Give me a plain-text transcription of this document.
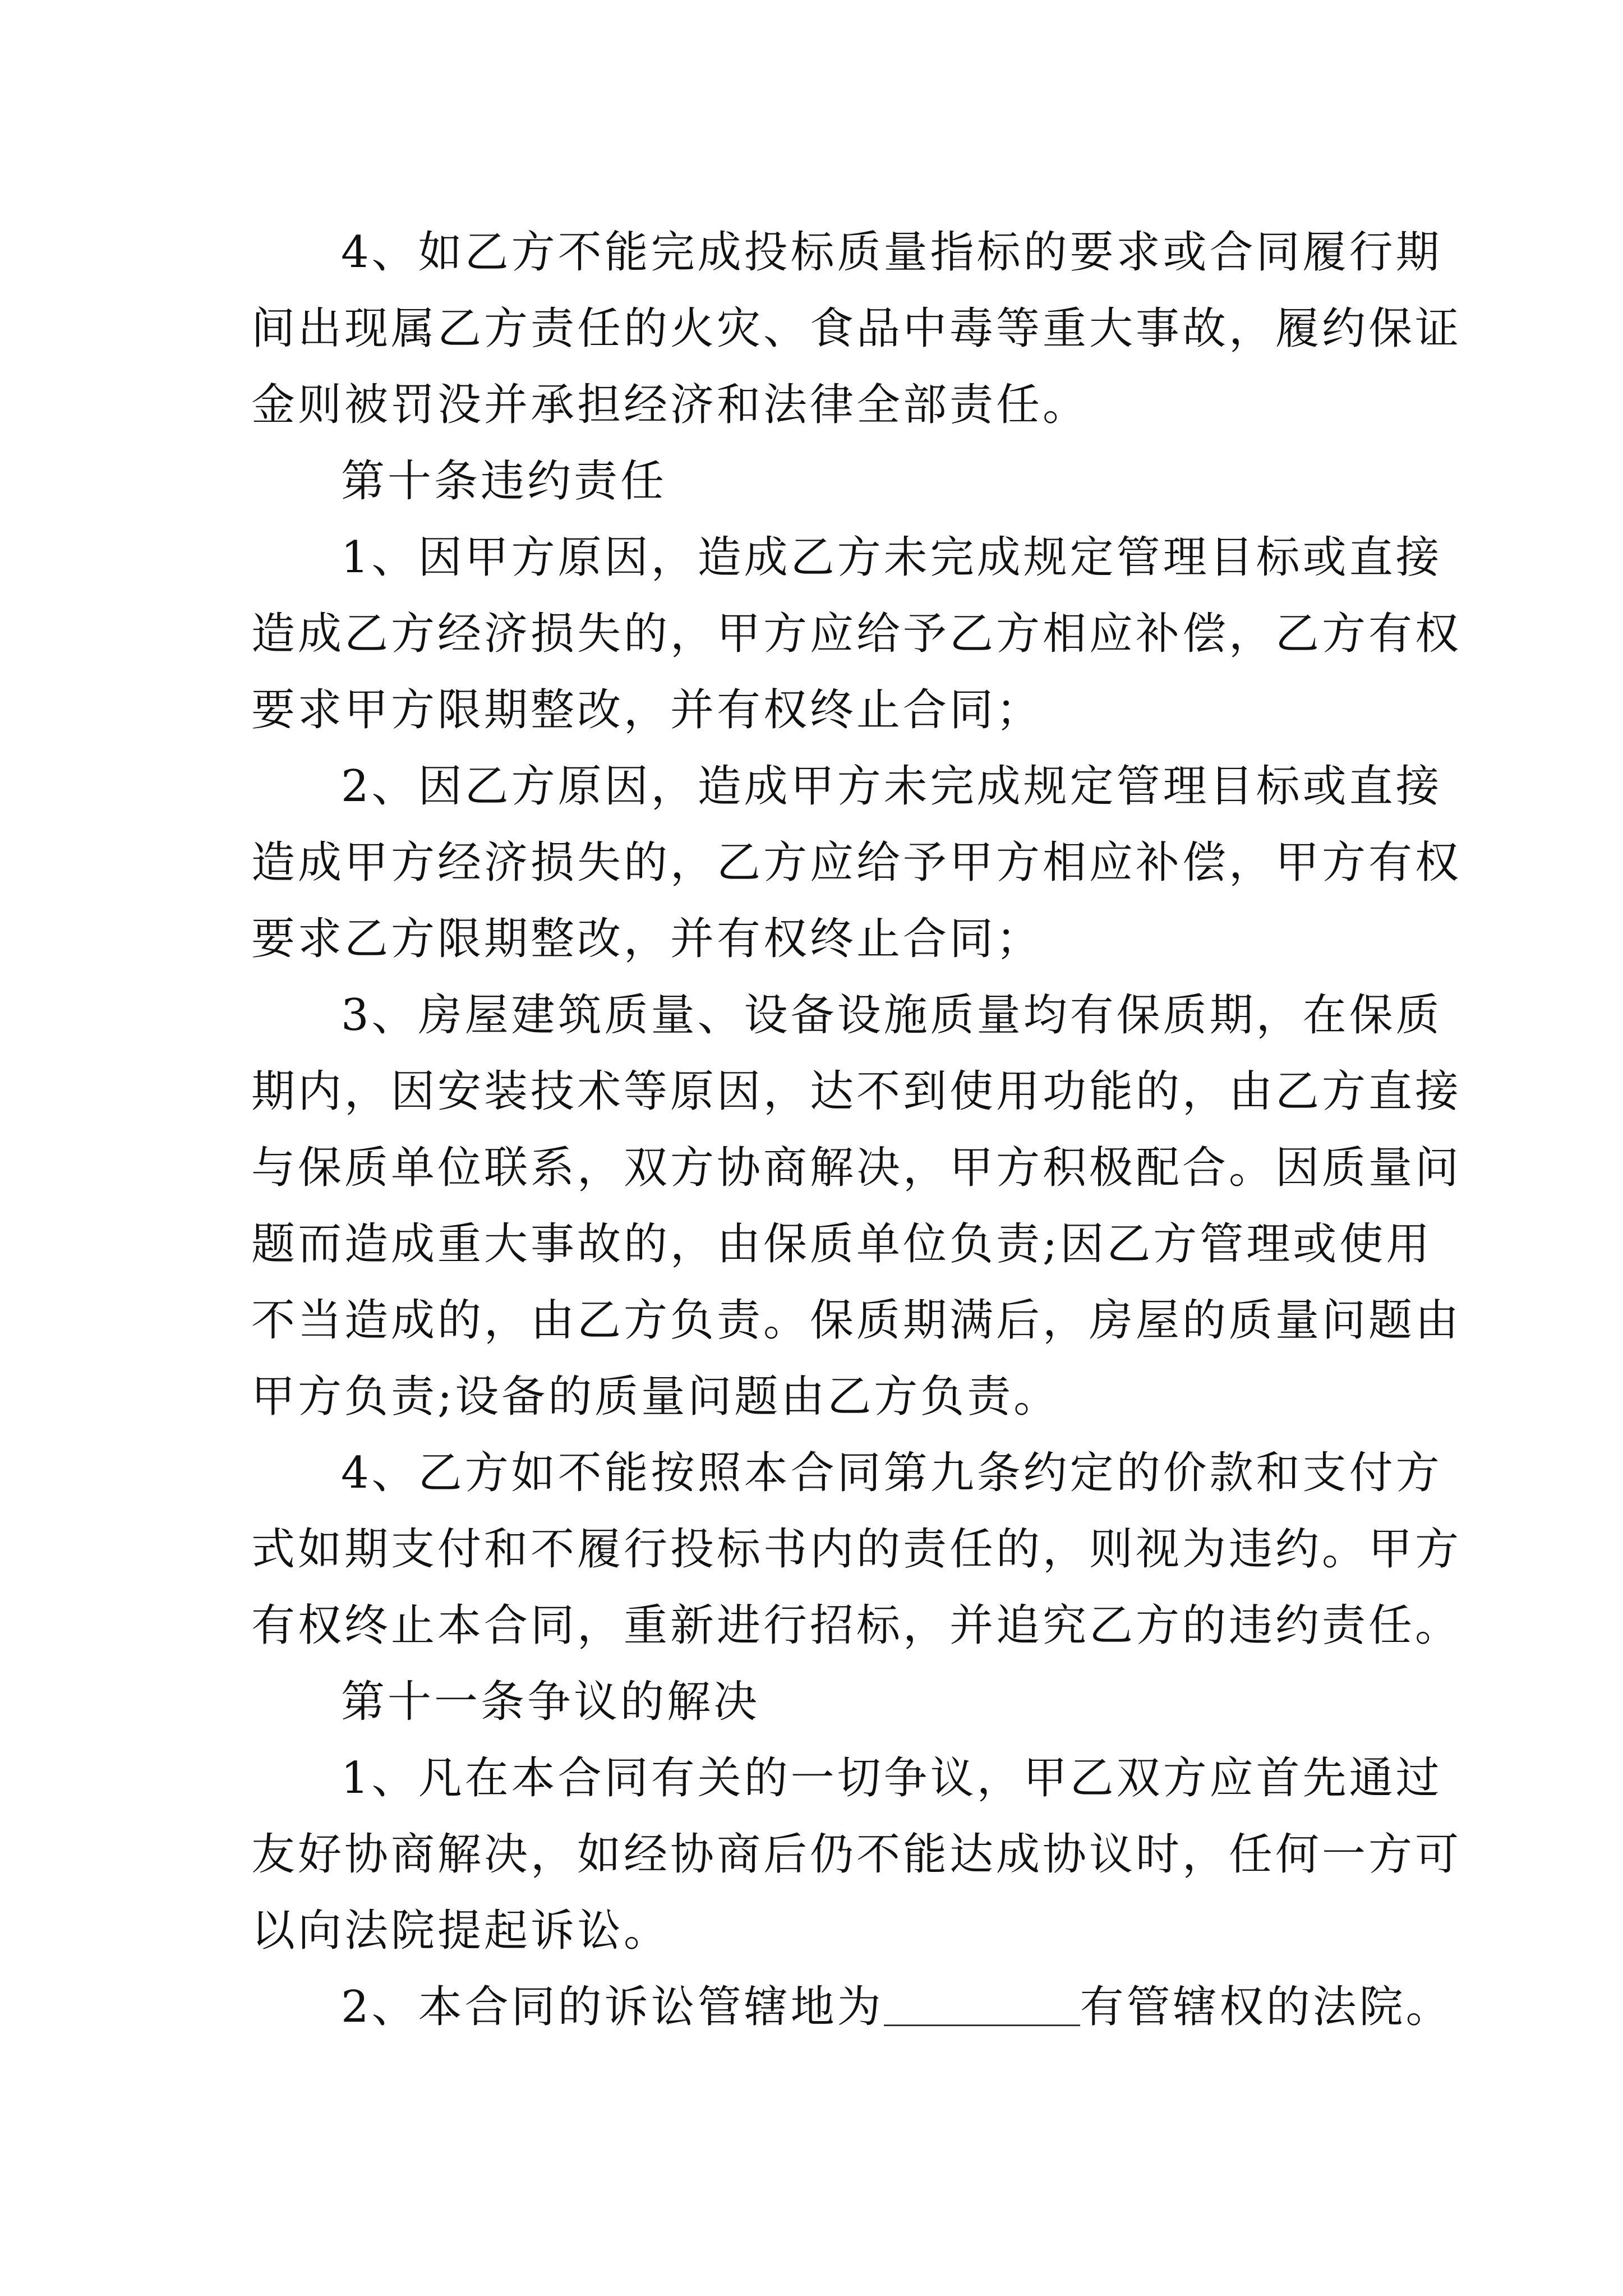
4、如乙方不能完成投标质量指标的要求或合同履行期
间出现属乙方责任的火灾、食品中毒等重大事故，履约保证
金则被罚没并承担经济和法律全部责任。
第十条违约责任
1、因甲方原因，造成乙方未完成规定管理目标或直接
造成乙方经济损失的，甲方应给予乙方相应补偿，乙方有权
要求甲方限期整改，并有权终止合同；
2、因乙方原因，造成甲方未完成规定管理目标或直接
造成甲方经济损失的，乙方应给予甲方相应补偿，甲方有权
要求乙方限期整改，并有权终止合同；
3、房屋建筑质量、设备设施质量均有保质期，在保质
期内，因安装技术等原因，达不到使用功能的，由乙方直接
与保质单位联系，双方协商解决，甲方积极配合。因质量问
题而造成重大事故的，由保质单位负责;因乙方管理或使用
不当造成的，由乙方负责。保质期满后，房屋的质量问题由
甲方负责;设备的质量问题由乙方负责。
4、乙方如不能按照本合同第九条约定的价款和支付方
式如期支付和不履行投标书内的责任的，则视为违约。甲方
有权终止本合同，重新进行招标，并追究乙方的违约责任。
第十一条争议的解决
1、凡在本合同有关的一切争议，甲乙双方应首先通过
友好协商解决，如经协商后仍不能达成协议时，任何一方可
以向法院提起诉讼。
2、本合同的诉讼管辖地为	有管辖权的法院。
